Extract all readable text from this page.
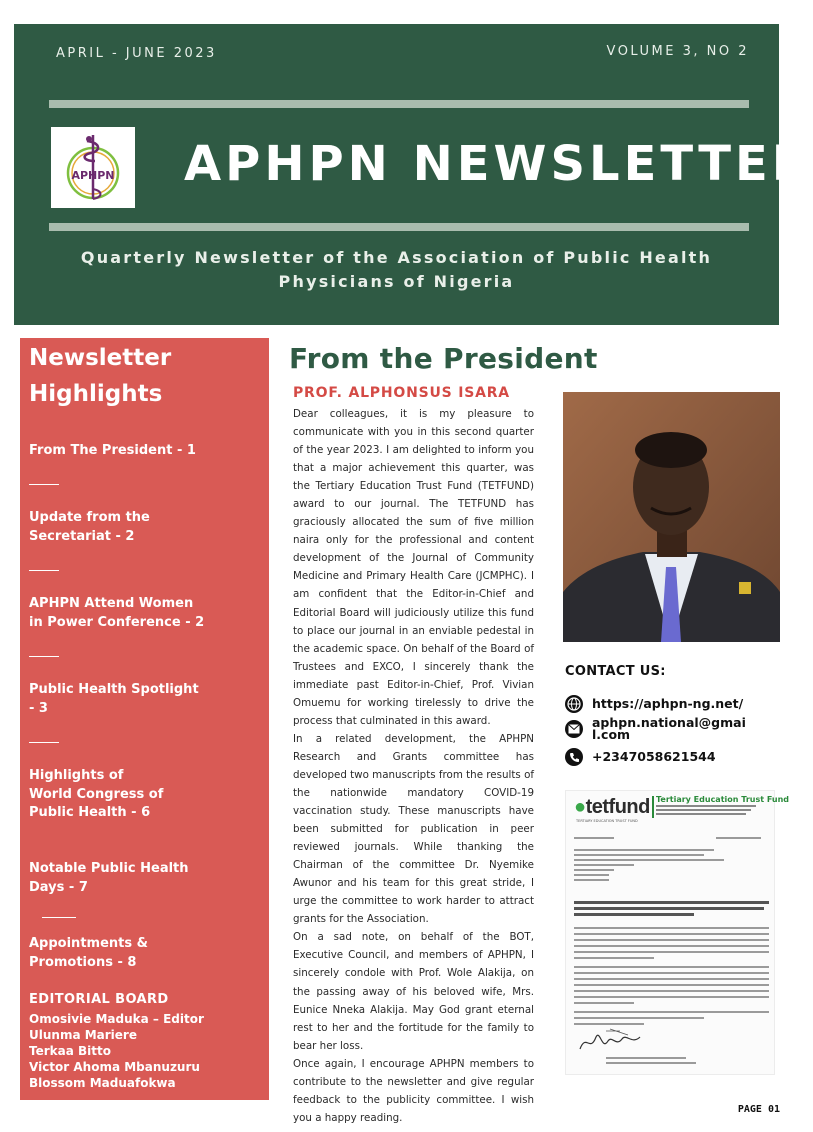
APRIL - JUNE 2023	VOLUME 3, NO 2
APHPN APHPN NEWSLETTER
Quarterly Newsletter of the Association of Public Health Physicians of Nigeria
Newsletter Highlights
From The President - 1
Update from the Secretariat - 2
APHPN Attend Women in Power Conference - 2
Public Health Spotlight - 3
Highlights of World Congress of Public Health - 6
Notable Public Health Days - 7
Appointments & Promotions - 8
EDITORIAL BOARD
Omosivie Maduka – Editor
Ulunma Mariere
Terkaa Bitto
Victor Ahoma Mbanuzuru
Blossom Maduafokwa
From the President
PROF. ALPHONSUS ISARA

Dear colleagues, it is my pleasure to communicate with you in this second quarter of the year 2023. I am delighted to inform you that a major achievement this quarter, was the Tertiary Education Trust Fund (TETFUND) award to our journal. The TETFUND has graciously allocated the sum of five million naira only for the professional and content development of the Journal of Community Medicine and Primary Health Care (JCMPHC). I am confident that the Editor-in-Chief and Editorial Board will judiciously utilize this fund to place our journal in an enviable pedestal in the academic space. On behalf of the Board of Trustees and EXCO, I sincerely thank the immediate past Editor-in-Chief, Prof. Vivian Omuemu for working tirelessly to drive the process that culminated in this award.

In a related development, the APHPN Research and Grants committee has developed two manuscripts from the results of the nationwide mandatory COVID-19 vaccination study. These manuscripts have been submitted for publication in peer reviewed journals. While thanking the Chairman of the committee Dr. Nyemike Awunor and his team for this great stride, I urge the committee to work harder to attract grants for the Association.

On a sad note, on behalf of the BOT, Executive Council, and members of APHPN, I sincerely condole with Prof. Wole Alakija, on the passing away of his beloved wife, Mrs. Eunice Nneka Alakija. May God grant eternal rest to her and the fortitude for the family to bear her loss.

Once again, I encourage APHPN members to contribute to the newsletter and give regular feedback to the publicity committee. I wish you a happy reading.

CONTACT US:
https://aphpn-ng.net/
aphpn.national@gmail.com
+2347058621544
●tetfund Tertiary Education Trust Fund
TERTIARY EDUCATION TRUST FUND
PAGE 01
